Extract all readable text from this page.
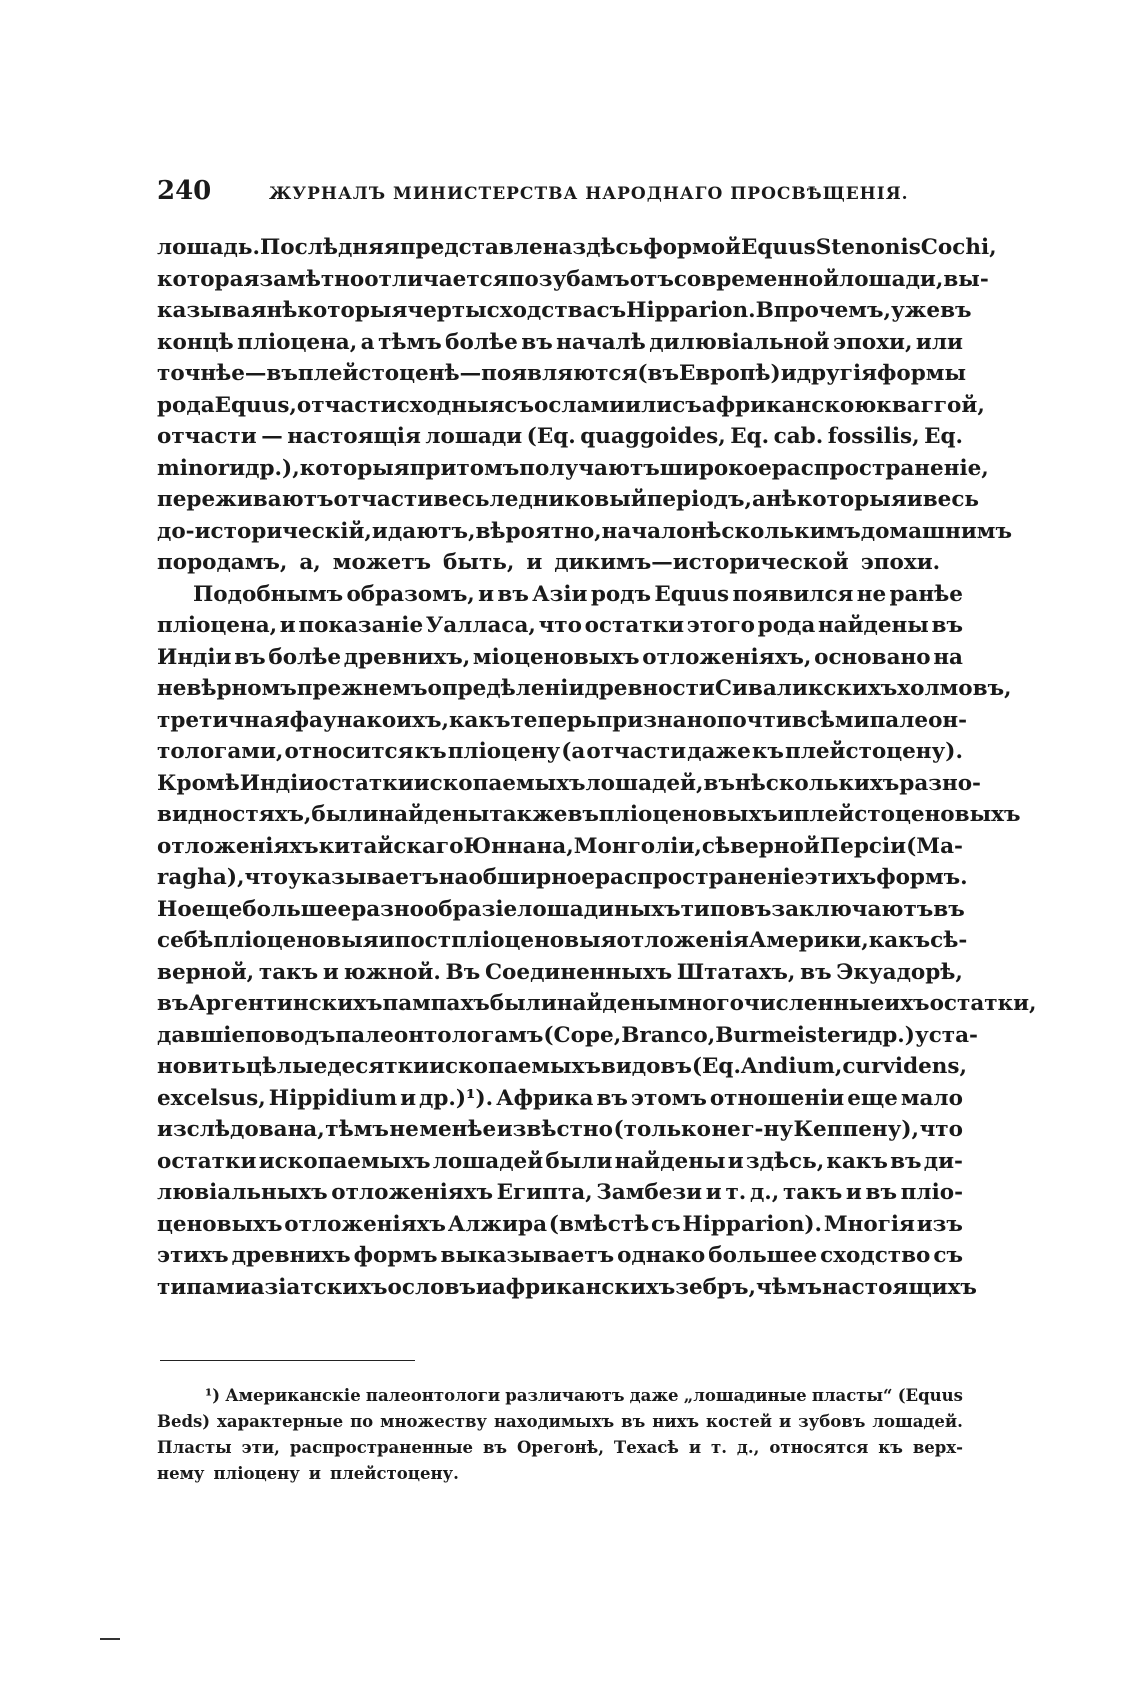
240	ЖУРНАЛЪ МИНИСТЕРСТВА НАРОДНАГО ПРОСВѢЩЕНІЯ.
лошадь. Послѣдняя представлена здѣсь формой Equus Stenonis Cochi,
которая замѣтно отличается по зубамъ отъ современной лошади, вы-
казывая нѣкоторыя черты сходства съ Hipparion. Впрочемъ, уже въ
концѣ пліоцена, а тѣмъ болѣе въ началѣ дилювіальной эпохи, или
точнѣе—въ плейстоценѣ —появляются (въ Европѣ) и другія формы
рода Equus, отчасти сходныя съ ослами или съ африканскою квaггой,
отчасти — настоящія лошади (Eq. quaggoides, Eq. cab. fossilis, Eq.
minor и др.), которыя притомъ получаютъ широкое распространеніе,
переживаютъ отчасти весь ледниковый періодъ, а нѣкоторыя и весь
до-историческій, и даютъ, вѣроятно, начало нѣсколькимъ домашнимъ
породамъ, а, можетъ быть, и дикимъ—исторической эпохи.
Подобнымъ образомъ, и въ Азіи родъ Equus появился не ранѣе
пліоцена, и показаніе Уалласа, что остатки этого рода найдены въ
Индіи въ болѣе древнихъ, міоценовыхъ отложеніяхъ, основано на
невѣрномъ прежнемъ опредѣленіи древности Сиваликскихъ холмовъ,
третичная фауна коихъ, какъ теперь признано почти всѣми палеон-
тологами, относится къ пліоцену (а отчасти даже къ плейстоцену).
Кромѣ Индіи остатки ископаемыхъ лошадей, въ нѣсколькихъ разно-
видностяхъ, были найдены также въ пліоценовыхъ и плейстоценовыхъ
отложеніяхъ китайскаго Юннана, Монголіи, сѣверной Персіи (Ma-
ragha), что указываетъ на обширное распространеніе этихъ формъ.
Но еще большее разнообразіе лошадиныхъ типовъ заключаютъ въ
себѣ пліоценовыя и постпліоценовыя отложенія Америки, какъ сѣ-
верной, такъ и южной. Въ Соединенныхъ Штатахъ, въ Экуадорѣ,
въ Аргентинскихъ пампахъ были найдены многочисленные ихъ остатки,
давшіе поводъ палеонтологамъ (Cope, Brancо, Burmeister и др.) уста-
новить цѣлые десятки ископаемыхъ видовъ (Eq. Andium, curvidens,
excelsus, Hippidium и др.)¹). Африка въ этомъ отношеніи еще мало
изслѣдована, тѣмъ не менѣе извѣстно (только не г-ну Кеппену), что
остатки ископаемыхъ лошадей были найдены и здѣсь, какъ въ ди-
лювіальныхъ отложеніяхъ Египта, Замбези и т. д., такъ и въ пліо-
ценовыхъ отложеніяхъ Алжира (вмѣстѣ съ Hipparion). Многія изъ
этихъ древнихъ формъ выказываетъ однако большее сходство съ
типами азіатскихъ ословъ и африканскихъ зебръ, чѣмъ настоящихъ
¹) Американскіе палеонтологи различаютъ даже „лошадиные пласты“ (Equus
Beds) характерные по множеству находимыхъ въ нихъ костей и зубовъ лошадей.
Пласты эти, распространенные въ Орегонѣ, Техасѣ и т. д., относятся къ верх-
нему пліоцену и плейстоцену.
